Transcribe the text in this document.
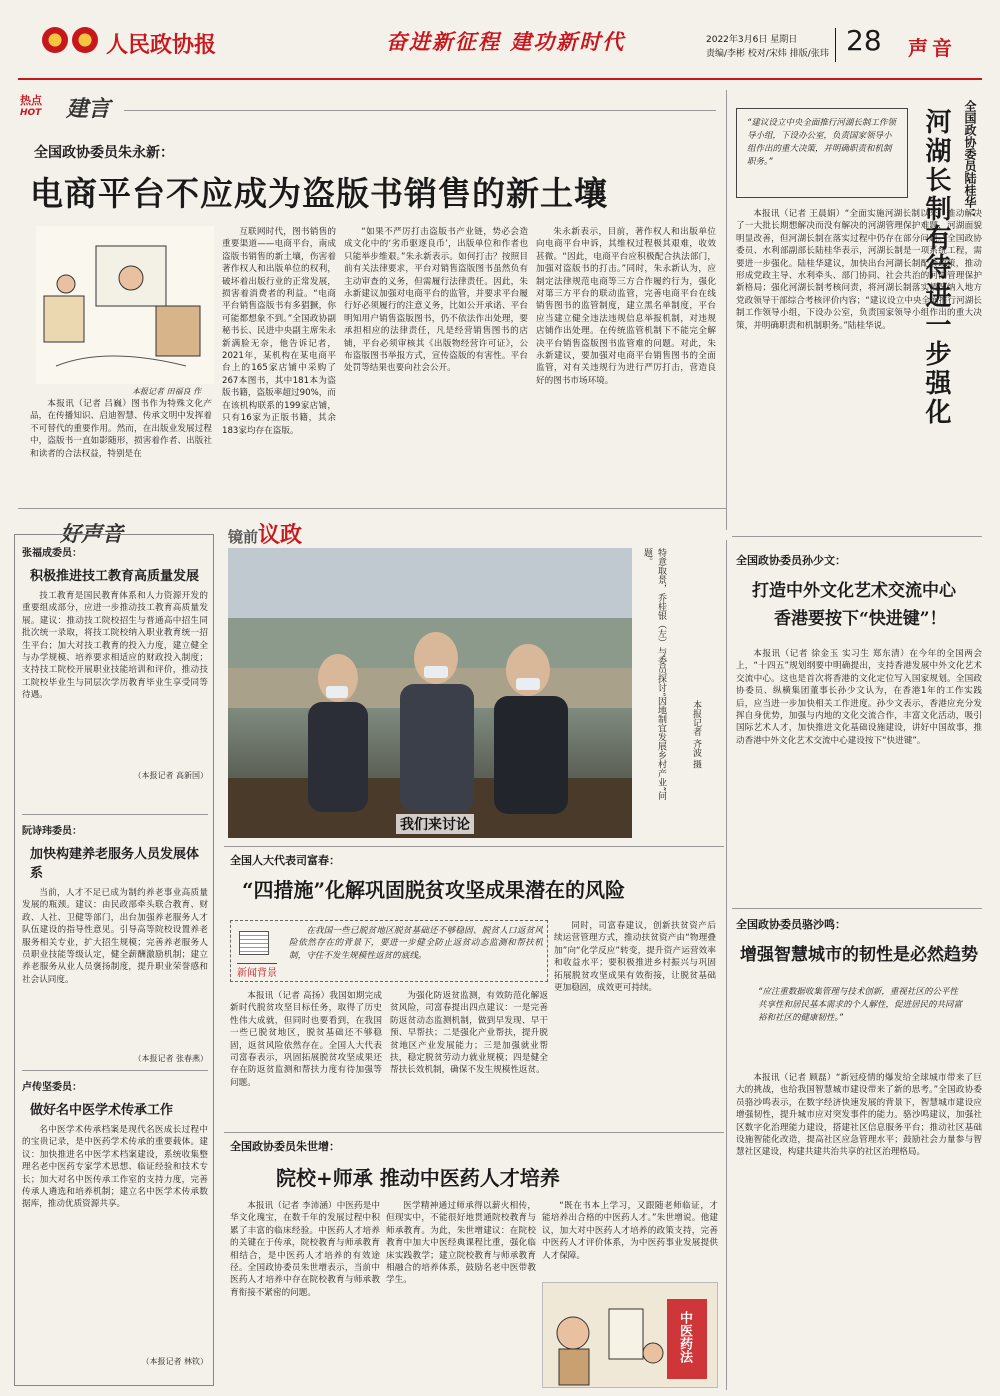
人民政协报	奋进新征程 建功新时代	2022年3月6日 星期日
责编/李彬 校对/宋炜 排版/张玮 28 声音
热点
HOT	建言
全国政协委员朱永新：
电商平台不应成为盗版书销售的新土壤
本报记者 田福良 作

本报讯（记者 吕巍）图书作为特殊文化产品，在传播知识、启迪智慧、传承文明中发挥着不可替代的重要作用。然而，在出版业发展过程中，盗版书一直如影随形，损害着作者、出版社和读者的合法权益，特别是在

互联网时代，图书销售的重要渠道——电商平台，南成盗版书销售的新土壤，伤害着著作权人和出版单位的权利，破坏着出版行业的正常发展，损害着消费者的利益。“电商平台销售盗版书有多猖獗，你可能都想象不到。”全国政协副秘书长、民进中央副主席朱永新满脸无奈，他告诉记者，2021年，某机构在某电商平台上的165家店铺中采购了267本图书，其中181本为盗版书籍，盗版率超过90%，而在该机构联系的199家店铺，只有16家为正版书籍，其余183家均存在盗版。

“如果不严厉打击盗版书产业链，势必会造成文化中的‘劣币驱逐良币’，出版单位和作者也只能举步维艰。”朱永新表示。如何打击？按照目前有关法律要求，平台对销售盗版图书虽然负有主动审查的义务，但需履行法律责任。因此，朱永新建议加强对电商平台的监管，并要求平台履行好必须履行的注意义务，比如公开承诺、平台明知用户销售盗版图书，仍不依法作出处理，要承担相应的法律责任，凡是经营销售图书的店铺，平台必须审核其《出版物经营许可证》，公布盗版图书举报方式，宣传盗版的有害性。平台处罚等结果也要向社会公开。

朱永新表示，目前，著作权人和出版单位向电商平台申诉，其维权过程极其艰难，收效甚微。“因此，电商平台应积极配合执法部门，加强对盗版书的打击。”同时，朱永新认为，应制定法律规范电商等三方合作履约行为，强化对第三方平台的联动监管，完善电商平台在线销售图书的监管制度，建立黑名单制度，平台应当建立健全违法违规信息举报机制，对违规店铺作出处理。在传统监管机制下不能完全解决平台销售盗版图书监管难的问题。对此，朱永新建议，要加强对电商平台销售图书的全面监管，对有关违规行为进行严厉打击，营造良好的图书市场环境。

“建议设立中央全面推行河湖长制工作领导小组，下设办公室，负责国家领导小组作出的重大决策，并明确职责和机制职务。”	全国政协委员陆桂华：
河湖长制有待进一步强化

本报讯（记者 王晨娟）“全面实施河湖长制以来，推动解决了一大批长期想解决而没有解决的河湖管理保护难题，河湖面貌明显改善，但河湖长制在落实过程中仍存在部分问题。”全国政协委员、水利部副部长陆桂华表示，河湖长制是一项系统工程，需要进一步强化。陆桂华建议，加快出台河湖长制配套政策，推动形成党政主导、水利牵头、部门协同、社会共治的河湖管理保护新格局；强化河湖长制考核问责，将河湖长制落实情况纳入地方党政领导干部综合考核评价内容；“建议设立中央全面推行河湖长制工作领导小组，下设办公室，负责国家领导小组作出的重大决策，并明确职责和机制职务。”陆桂华说。

好声音
张福成委员：
积极推进技工教育高质量发展

技工教育是国民教育体系和人力资源开发的重要组成部分，应进一步推动技工教育高质量发展。建议：推动技工院校招生与普通高中招生同批次统一录取，将技工院校纳入职业教育统一招生平台；加大对技工教育的投入力度，建立健全与办学规模、培养要求相适应的财政投入制度；支持技工院校开展职业技能培训和评价，推动技工院校毕业生与同层次学历教育毕业生享受同等待遇。

（本报记者 高新国）
阮诗玮委员：
加快构建养老服务人员发展体系

当前，人才不足已成为制约养老事业高质量发展的瓶颈。建议：由民政部牵头联合教育、财政、人社、卫健等部门，出台加强养老服务人才队伍建设的指导性意见。引导高等院校设置养老服务相关专业，扩大招生规模；完善养老服务人员职业技能等级认定，健全薪酬激励机制；建立养老服务从业人员褒扬制度，提升职业荣誉感和社会认同度。

（本报记者 张春燕）
卢传坚委员：
做好名中医学术传承工作

名中医学术传承档案是现代名医成长过程中的宝贵记录，是中医药学术传承的重要载体。建议：加快推进名中医学术档案建设，系统收集整理名老中医药专家学术思想、临证经验和技术专长；加大对名中医传承工作室的支持力度，完善传承人遴选和培养机制；建立名中医学术传承数据库，推动优质资源共享。

（本报记者 林钦）
镜前议政
我们来讨论
特意取景，乔桂银（左）与委员探讨“因地制宜发展乡村产业”问题。
本报记者 齐波 摄
全国人大代表司富春：
“四措施”化解巩固脱贫攻坚成果潜在的风险
新闻背景

在我国一些已脱贫地区脱贫基础还不够稳固、脱贫人口返贫风险依然存在的背景下，要进一步健全防止返贫动态监测和帮扶机制，守住不发生规模性返贫的底线。

同时，司富春建议，创新扶贫资产后续运营管理方式，推动扶贫资产由“物理叠加”向“化学反应”转变，提升资产运营效率和收益水平；要积极推进乡村振兴与巩固拓展脱贫攻坚成果有效衔接，让脱贫基础更加稳固，成效更可持续。

本报讯（记者 高扬）我国如期完成新时代脱贫攻坚目标任务，取得了历史性伟大成就，但同时也要看到，在我国一些已脱贫地区，脱贫基础还不够稳固，返贫风险依然存在。全国人大代表司富春表示，巩固拓展脱贫攻坚成果还存在防返贫监测和帮扶力度有待加强等问题。

为强化防返贫监测，有效防范化解返贫风险，司富春提出四点建议：一是完善防返贫动态监测机制，做到早发现、早干预、早帮扶；二是强化产业帮扶，提升脱贫地区产业发展能力；三是加强就业帮扶，稳定脱贫劳动力就业规模；四是健全帮扶长效机制，确保不发生规模性返贫。

全国政协委员朱世增：
院校+师承 推动中医药人才培养

本报讯（记者 李沛涵）中医药是中华文化瑰宝，在数千年的发展过程中积累了丰富的临床经验。中医药人才培养的关键在于传承，院校教育与师承教育相结合，是中医药人才培养的有效途径。全国政协委员朱世增表示，当前中医药人才培养中存在院校教育与师承教育衔接不紧密的问题。

医学精神通过师承得以薪火相传，但现实中，不能很好地贯通院校教育与师承教育。为此，朱世增建议：在院校教育中加大中医经典课程比重，强化临床实践教学；建立院校教育与师承教育相融合的培养体系，鼓励名老中医带教学生。

“既在书本上学习，又跟随老师临证，才能培养出合格的中医药人才。”朱世增说。他建议，加大对中医药人才培养的政策支持，完善中医药人才评价体系，为中医药事业发展提供人才保障。

中医药法
全国政协委员孙少文：
打造中外文化艺术交流中心
香港要按下“快进键”！

本报讯（记者 徐金玉 实习生 郑东清）在今年的全国两会上，“十四五”规划纲要中明确提出，支持香港发展中外文化艺术交流中心。这也是首次将香港的文化定位写入国家规划。全国政协委员、纵横集团董事长孙少文认为，在香港1年的工作实践后，应当进一步加快相关工作进度。孙少文表示，香港应充分发挥自身优势，加强与内地的文化交流合作，丰富文化活动，吸引国际艺术人才，加快推进文化基础设施建设，讲好中国故事，推动香港中外文化艺术交流中心建设按下“快进键”。

全国政协委员骆沙鸣：
增强智慧城市的韧性是必然趋势
“应注重数据收集管理与技术创新，重视社区的公平性共享性和居民基本需求的个人解性，促进居民的共同富裕和社区的健康韧性。”

本报讯（记者 顾磊）“新冠疫情的爆发给全球城市带来了巨大的挑战，也给我国智慧城市建设带来了新的思考。”全国政协委员骆沙鸣表示，在数字经济快速发展的背景下，智慧城市建设应增强韧性，提升城市应对突发事件的能力。骆沙鸣建议，加强社区数字化治理能力建设，搭建社区信息服务平台；推动社区基础设施智能化改造，提高社区应急管理水平；鼓励社会力量参与智慧社区建设，构建共建共治共享的社区治理格局。
